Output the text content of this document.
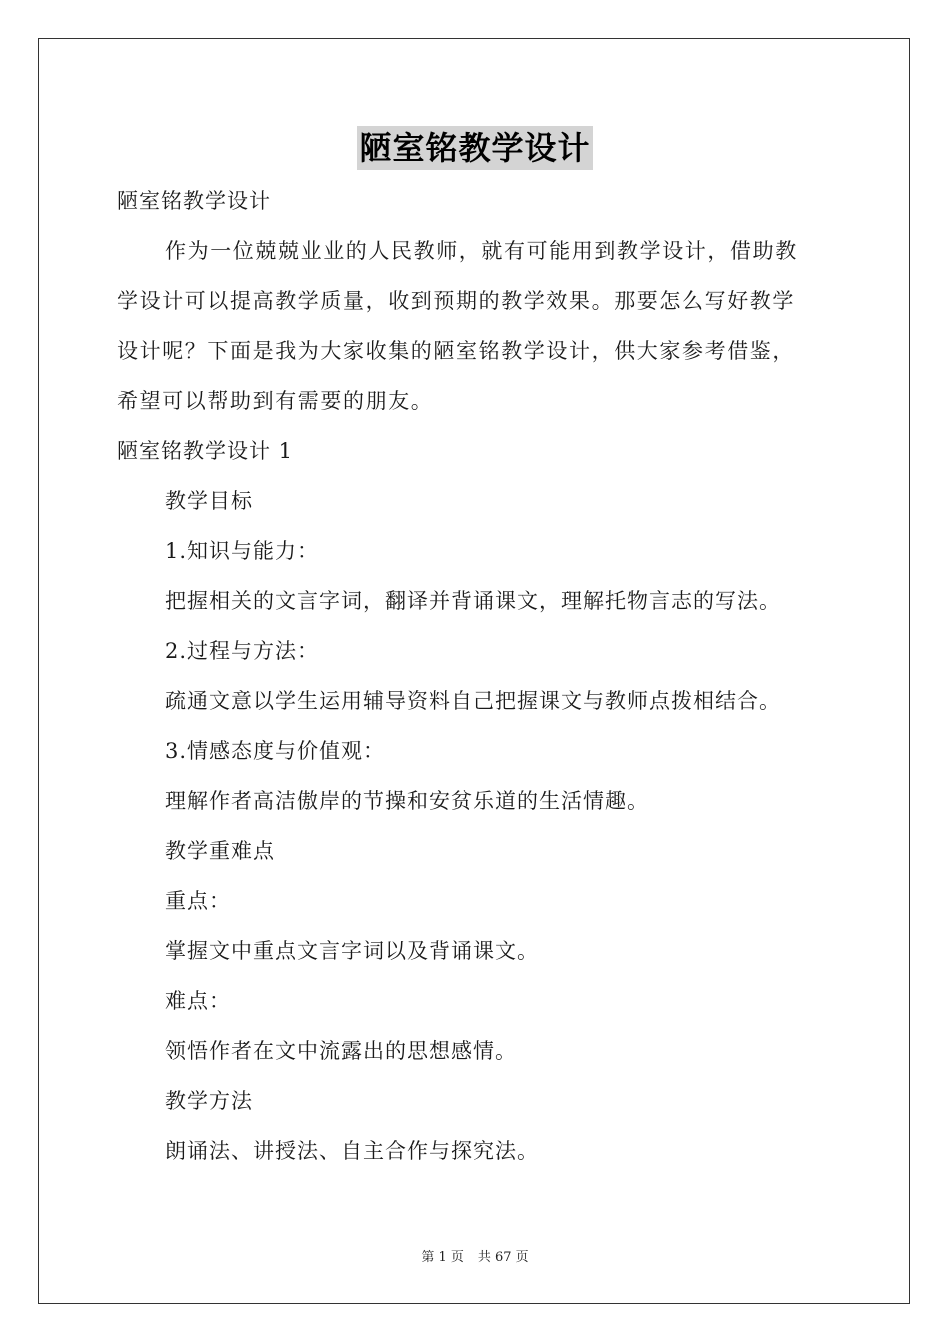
陋室铭教学设计
陋室铭教学设计
作为一位兢兢业业的人民教师，就有可能用到教学设计，借助教
学设计可以提高教学质量，收到预期的教学效果。那要怎么写好教学
设计呢？下面是我为大家收集的陋室铭教学设计，供大家参考借鉴，
希望可以帮助到有需要的朋友。
陋室铭教学设计 1
教学目标
1.知识与能力：
把握相关的文言字词，翻译并背诵课文，理解托物言志的写法。
2.过程与方法：
疏通文意以学生运用辅导资料自己把握课文与教师点拨相结合。
3.情感态度与价值观：
理解作者高洁傲岸的节操和安贫乐道的生活情趣。
教学重难点
重点：
掌握文中重点文言字词以及背诵课文。
难点：
领悟作者在文中流露出的思想感情。
教学方法
朗诵法、讲授法、自主合作与探究法。
第 1 页 共 67 页
